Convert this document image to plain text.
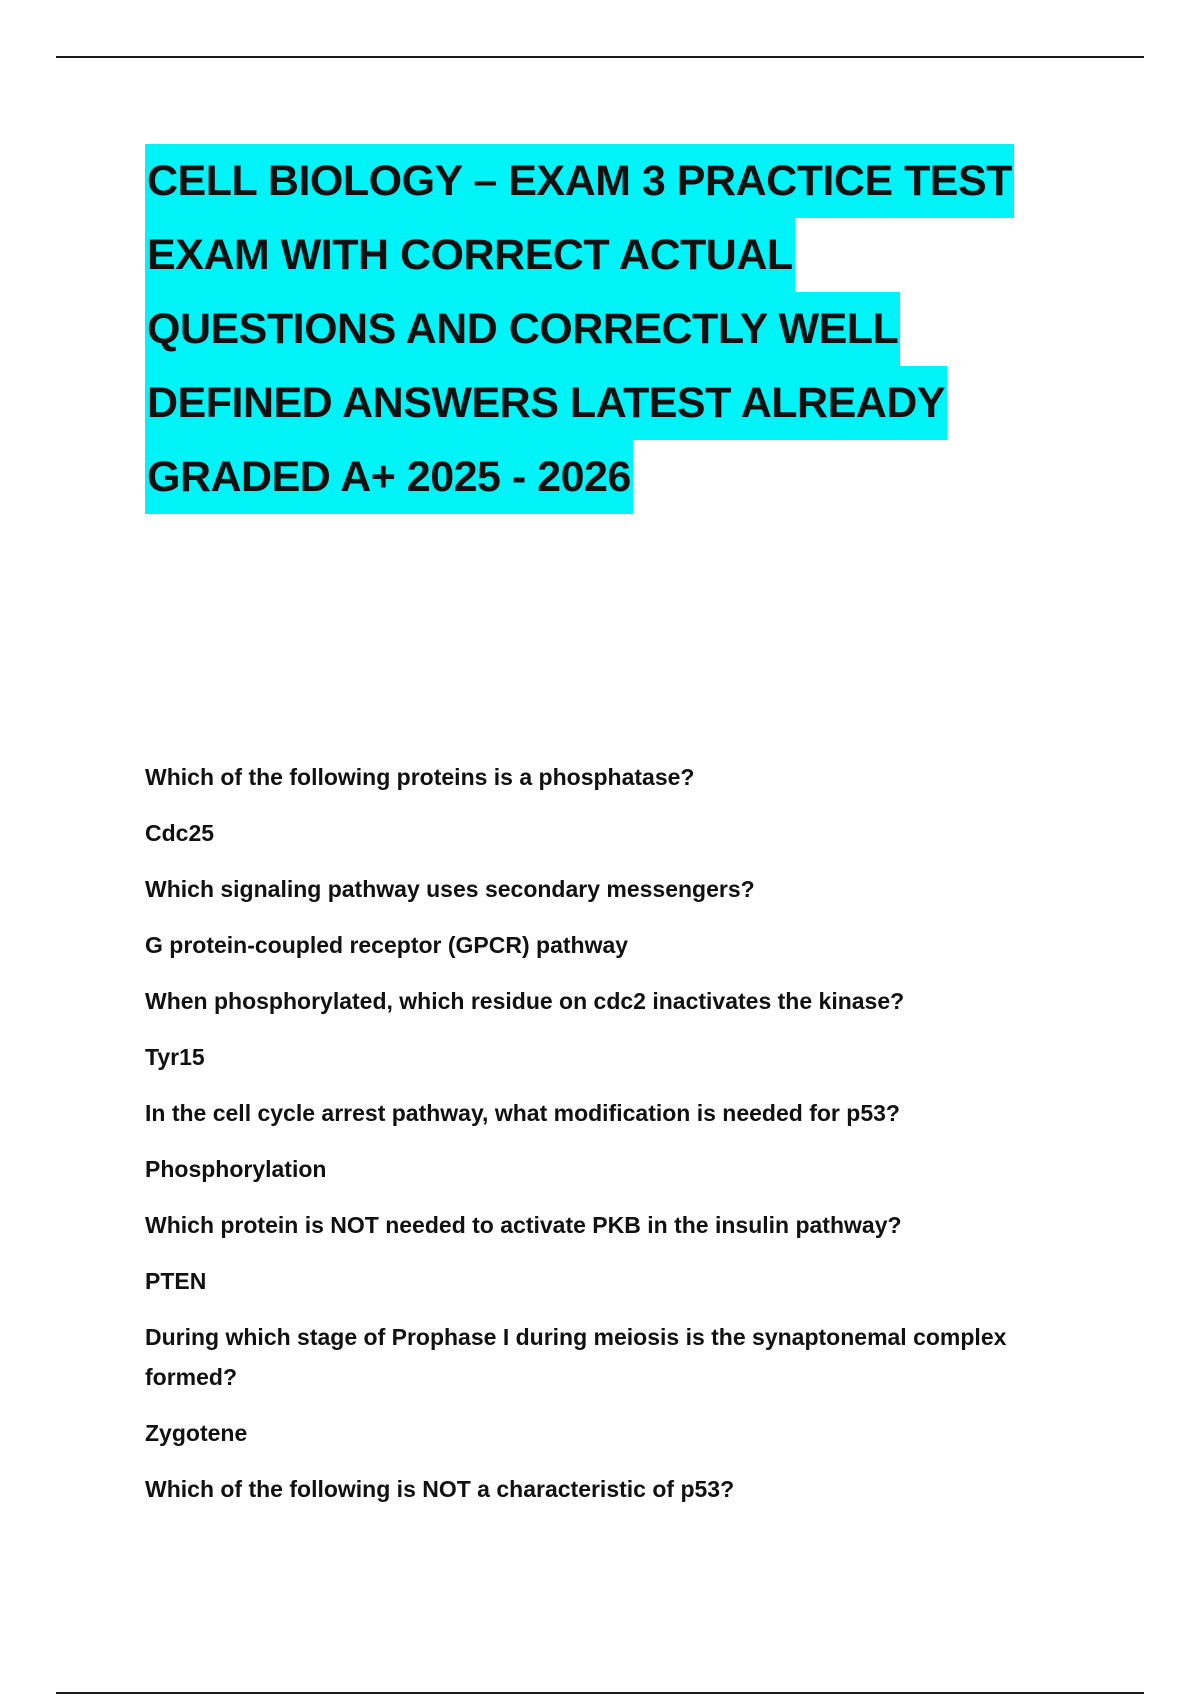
CELL BIOLOGY – EXAM 3 PRACTICE TEST
EXAM WITH CORRECT ACTUAL
QUESTIONS AND CORRECTLY WELL
DEFINED ANSWERS LATEST ALREADY
GRADED A+ 2025 - 2026
Which of the following proteins is a phosphatase?
Cdc25
Which signaling pathway uses secondary messengers?
G protein-coupled receptor (GPCR) pathway
When phosphorylated, which residue on cdc2 inactivates the kinase?
Tyr15
In the cell cycle arrest pathway, what modification is needed for p53?
Phosphorylation
Which protein is NOT needed to activate PKB in the insulin pathway?
PTEN
During which stage of Prophase I during meiosis is the synaptonemal complex formed?
Zygotene
Which of the following is NOT a characteristic of p53?
